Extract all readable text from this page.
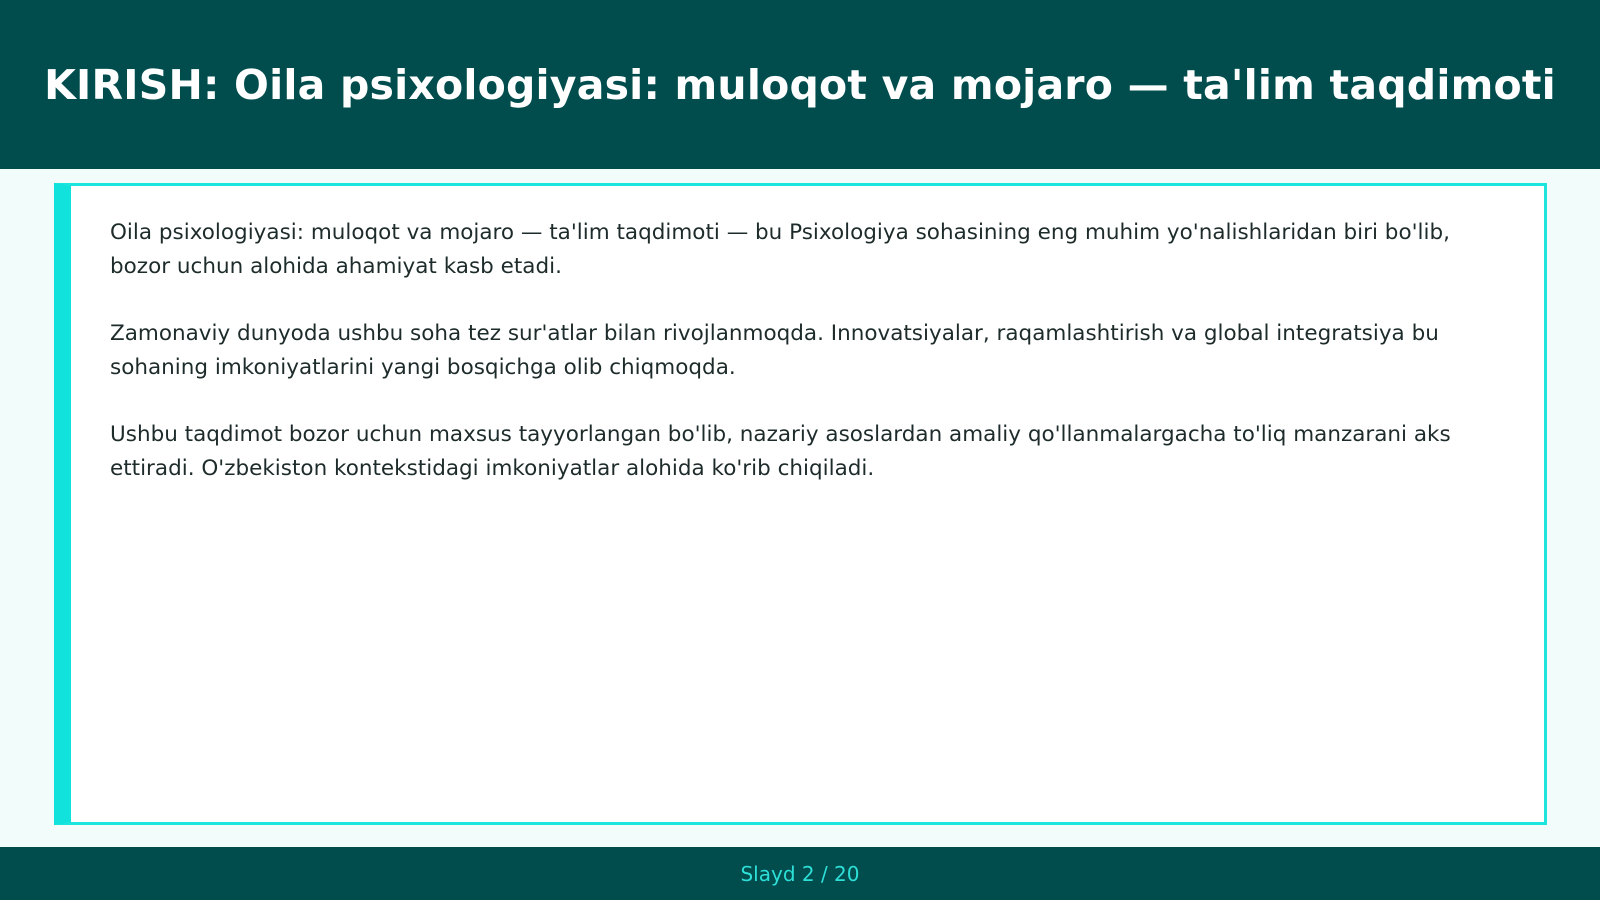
KIRISH: Oila psixologiyasi: muloqot va mojaro — ta'lim taqdimoti

Oila psixologiyasi: muloqot va mojaro — ta'lim taqdimoti — bu Psixologiya sohasining eng muhim yo'nalishlaridan biri bo'lib, bozor uchun alohida ahamiyat kasb etadi.

Zamonaviy dunyoda ushbu soha tez sur'atlar bilan rivojlanmoqda. Innovatsiyalar, raqamlashtirish va global integratsiya bu sohaning imkoniyatlarini yangi bosqichga olib chiqmoqda.

Ushbu taqdimot bozor uchun maxsus tayyorlangan bo'lib, nazariy asoslardan amaliy qo'llanmalargacha to'liq manzarani aks ettiradi. O'zbekiston kontekstidagi imkoniyatlar alohida ko'rib chiqiladi.

Slayd 2 / 20
